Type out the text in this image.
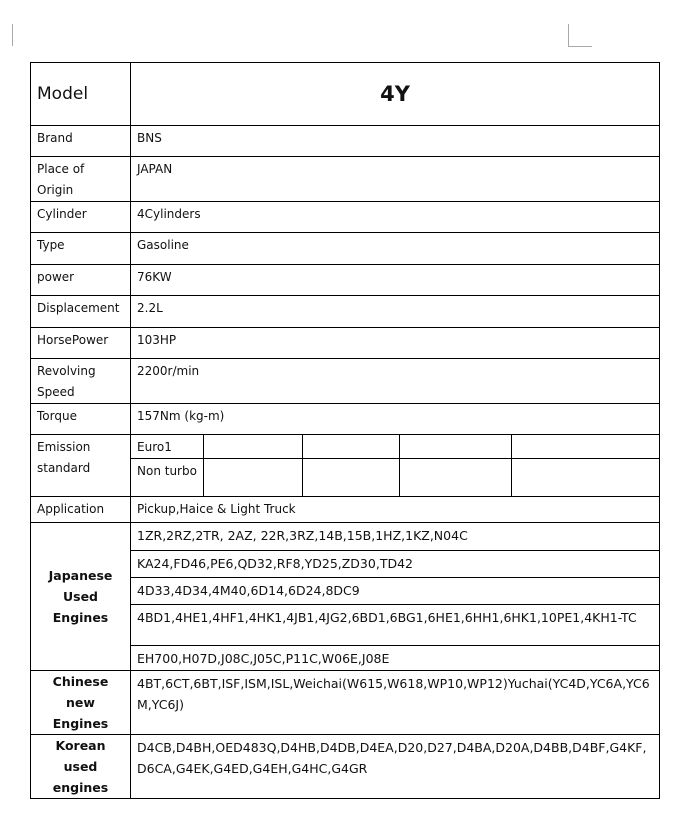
Model	4Y				
Brand	BNS				
Place of Origin	JAPAN				
Cylinder	4Cylinders				
Type	Gasoline				
power	76KW				
Displacement	2.2L				
HorsePower	103HP				
Revolving
Speed	2200r/min				
Torque	157Nm (kg-m)				
Emission
standard	Euro1				
	Non turbo				
Application	Pickup,Haice & Light Truck				
Japanese
Used
Engines	1ZR,2RZ,2TR, 2AZ, 22R,3RZ,14B,15B,1HZ,1KZ,N04C				
	KA24,FD46,PE6,QD32,RF8,YD25,ZD30,TD42				
	4D33,4D34,4M40,6D14,6D24,8DC9				
	4BD1,4HE1,4HF1,4HK1,4JB1,4JG2,6BD1,6BG1,6HE1,6HH1,6HK1,10PE1,4KH1-TC				
	EH700,H07D,J08C,J05C,P11C,W06E,J08E				
Chinese new
Engines	4BT,6CT,6BT,ISF,ISM,ISL,Weichai(W615,W618,WP10,WP12)Yuchai(YC4D,YC6A,YC6M,YC6J)				
Korean used
engines	D4CB,D4BH,OED483Q,D4HB,D4DB,D4EA,D20,D27,D4BA,D20A,D4BB,D4BF,G4KF,D6CA,G4EK,G4ED,G4EH,G4HC,G4GR				
